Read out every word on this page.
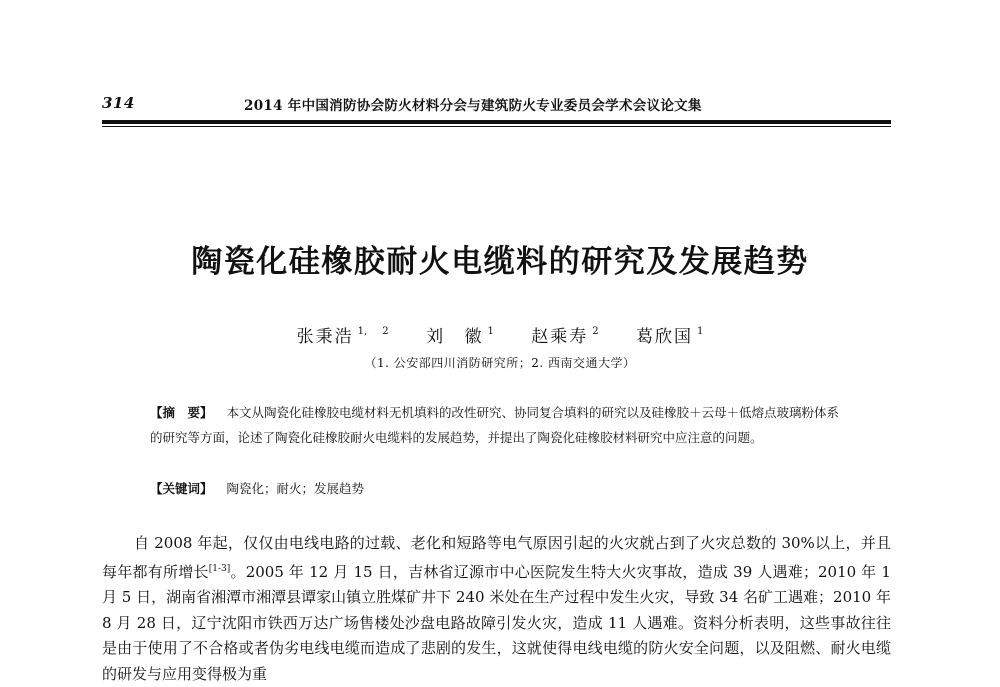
314	2014 年中国消防协会防火材料分会与建筑防火专业委员会学术会议论文集
陶瓷化硅橡胶耐火电缆料的研究及发展趋势
张秉浩 $^{1, 2}$ 刘 徽 $^1$ 赵乘寿 $^2$ 葛欣国 $^1$
（1. 公安部四川消防研究所；2. 西南交通大学）
【摘　要】 本文从陶瓷化硅橡胶电缆材料无机填料的改性研究、协同复合填料的研究以及硅橡胶＋云母＋低熔点玻璃粉体系的研究等方面，论述了陶瓷化硅橡胶耐火电缆料的发展趋势，并提出了陶瓷化硅橡胶材料研究中应注意的问题。
【关键词】 陶瓷化；耐火；发展趋势
自 2008 年起，仅仅由电线电路的过载、老化和短路等电气原因引起的火灾就占到了火灾总数的 30%以上，并且每年都有所增长[1-3]。2005 年 12 月 15 日，吉林省辽源市中心医院发生特大火灾事故，造成 39 人遇难；2010 年 1 月 5 日，湖南省湘潭市湘潭县谭家山镇立胜煤矿井下 240 米处在生产过程中发生火灾，导致 34 名矿工遇难；2010 年 8 月 28 日，辽宁沈阳市铁西万达广场售楼处沙盘电路故障引发火灾，造成 11 人遇难。资料分析表明，这些事故往往是由于使用了不合格或者伪劣电线电缆而造成了悲剧的发生，这就使得电线电缆的防火安全问题，以及阻燃、耐火电缆的研发与应用变得极为重
